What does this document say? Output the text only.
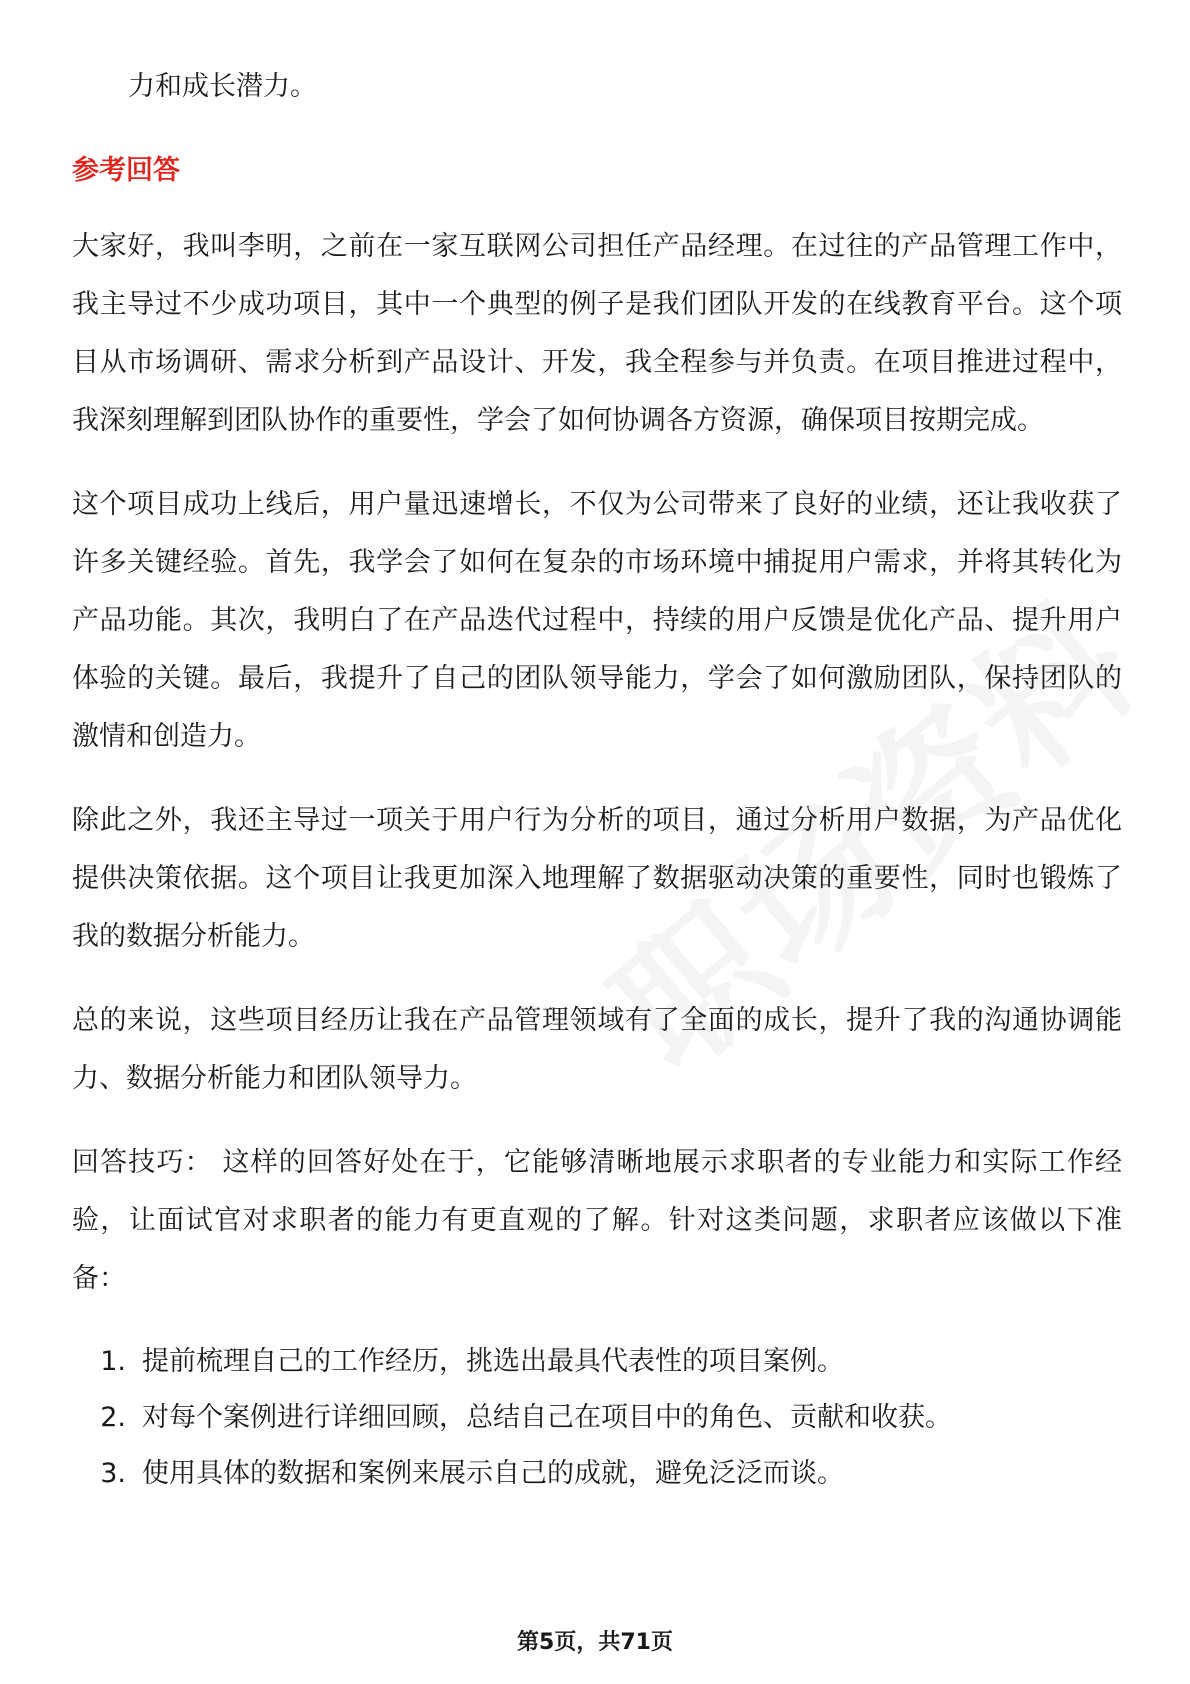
力和成长潜力。
参考回答

大家好，我叫李明，之前在一家互联网公司担任产品经理。在过往的产品管理工作中，我主导过不少成功项目，其中一个典型的例子是我们团队开发的在线教育平台。这个项目从市场调研、需求分析到产品设计、开发，我全程参与并负责。在项目推进过程中，我深刻理解到团队协作的重要性，学会了如何协调各方资源，确保项目按期完成。

这个项目成功上线后，用户量迅速增长，不仅为公司带来了良好的业绩，还让我收获了许多关键经验。首先，我学会了如何在复杂的市场环境中捕捉用户需求，并将其转化为产品功能。其次，我明白了在产品迭代过程中，持续的用户反馈是优化产品、提升用户体验的关键。最后，我提升了自己的团队领导能力，学会了如何激励团队，保持团队的激情和创造力。

除此之外，我还主导过一项关于用户行为分析的项目，通过分析用户数据，为产品优化提供决策依据。这个项目让我更加深入地理解了数据驱动决策的重要性，同时也锻炼了我的数据分析能力。

总的来说，这些项目经历让我在产品管理领域有了全面的成长，提升了我的沟通协调能力、数据分析能力和团队领导力。

回答技巧： 这样的回答好处在于，它能够清晰地展示求职者的专业能力和实际工作经验，让面试官对求职者的能力有更直观的了解。针对这类问题，求职者应该做以下准备：

1. 提前梳理自己的工作经历，挑选出最具代表性的项目案例。
2. 对每个案例进行详细回顾，总结自己在项目中的角色、贡献和收获。
3. 使用具体的数据和案例来展示自己的成就，避免泛泛而谈。
第5页，共71页
